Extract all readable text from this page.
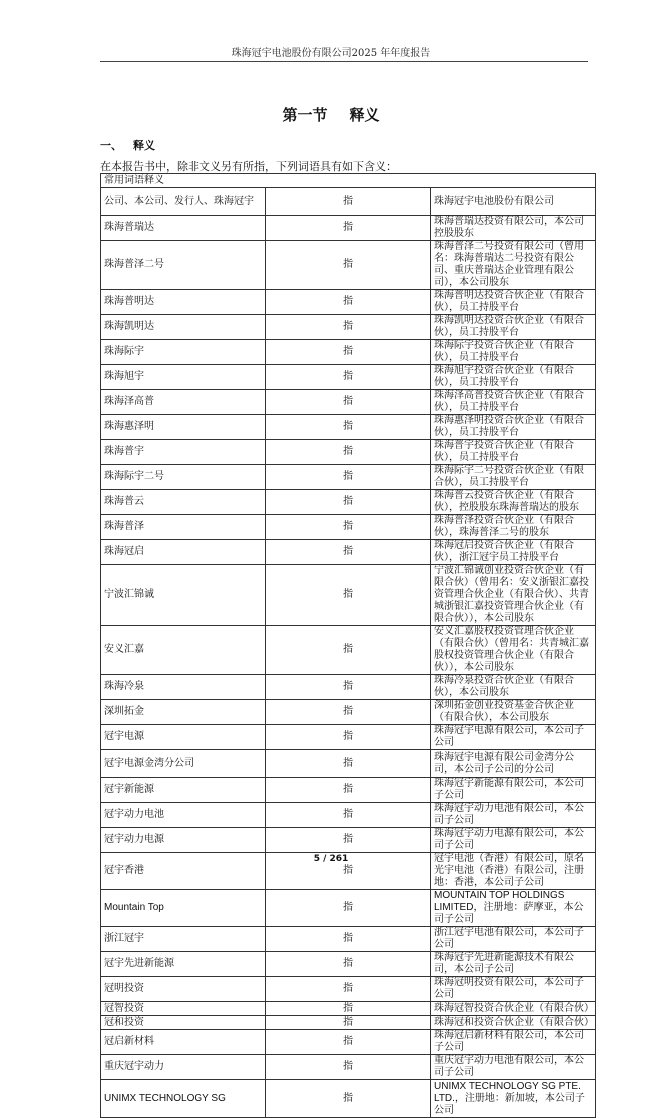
珠海冠宇电池股份有限公司2025 年年度报告
第一节 释义
一、 释义
在本报告书中，除非文义另有所指，下列词语具有如下含义：
常用词语释义		
公司、本公司、发行人、珠海冠宇	指	珠海冠宇电池股份有限公司
珠海普瑞达	指	珠海普瑞达投资有限公司，本公司控股股东
珠海普泽二号	指	珠海普泽二号投资有限公司（曾用名：珠海普瑞达二号投资有限公司、重庆普瑞达企业管理有限公司），本公司股东
珠海普明达	指	珠海普明达投资合伙企业（有限合伙），员工持股平台
珠海凯明达	指	珠海凯明达投资合伙企业（有限合伙），员工持股平台
珠海际宇	指	珠海际宇投资合伙企业（有限合伙），员工持股平台
珠海旭宇	指	珠海旭宇投资合伙企业（有限合伙），员工持股平台
珠海泽高普	指	珠海泽高普投资合伙企业（有限合伙），员工持股平台
珠海惠泽明	指	珠海惠泽明投资合伙企业（有限合伙），员工持股平台
珠海普宇	指	珠海普宇投资合伙企业（有限合伙），员工持股平台
珠海际宇二号	指	珠海际宇二号投资合伙企业（有限合伙），员工持股平台
珠海普云	指	珠海普云投资合伙企业（有限合伙），控股股东珠海普瑞达的股东
珠海普泽	指	珠海普泽投资合伙企业（有限合伙），珠海普泽二号的股东
珠海冠启	指	珠海冠启投资合伙企业（有限合伙），浙江冠宇员工持股平台
宁波汇锦诚	指	宁波汇锦诚创业投资合伙企业（有限合伙）（曾用名：安义浙银汇嘉投资管理合伙企业（有限合伙）、共青城浙银汇嘉投资管理合伙企业（有限合伙）），本公司股东
安义汇嘉	指	安义汇嘉股权投资管理合伙企业（有限合伙）（曾用名：共青城汇嘉股权投资管理合伙企业（有限合伙）），本公司股东
珠海冷泉	指	珠海冷泉投资合伙企业（有限合伙），本公司股东
深圳拓金	指	深圳拓金创业投资基金合伙企业（有限合伙），本公司股东
冠宇电源	指	珠海冠宇电源有限公司，本公司子公司
冠宇电源金湾分公司	指	珠海冠宇电源有限公司金湾分公司，本公司子公司的分公司
冠宇新能源	指	珠海冠宇新能源有限公司，本公司子公司
冠宇动力电池	指	珠海冠宇动力电池有限公司，本公司子公司
冠宇动力电源	指	珠海冠宇动力电源有限公司，本公司子公司
冠宇香港	指	冠宇电池（香港）有限公司，原名光宇电池（香港）有限公司，注册地：香港，本公司子公司
Mountain Top	指	MOUNTAIN TOP HOLDINGS LIMITED，注册地：萨摩亚，本公司子公司
浙江冠宇	指	浙江冠宇电池有限公司，本公司子公司
冠宇先进新能源	指	珠海冠宇先进新能源技术有限公司，本公司子公司
冠明投资	指	珠海冠明投资有限公司，本公司子公司
冠智投资	指	珠海冠智投资合伙企业（有限合伙）
冠和投资	指	珠海冠和投资合伙企业（有限合伙）
冠启新材料	指	珠海冠启新材料有限公司，本公司子公司
重庆冠宇动力	指	重庆冠宇动力电池有限公司，本公司子公司
UNIMX TECHNOLOGY SG	指	UNIMX TECHNOLOGY SG PTE. LTD.，注册地：新加坡，本公司子公司
5 / 261
